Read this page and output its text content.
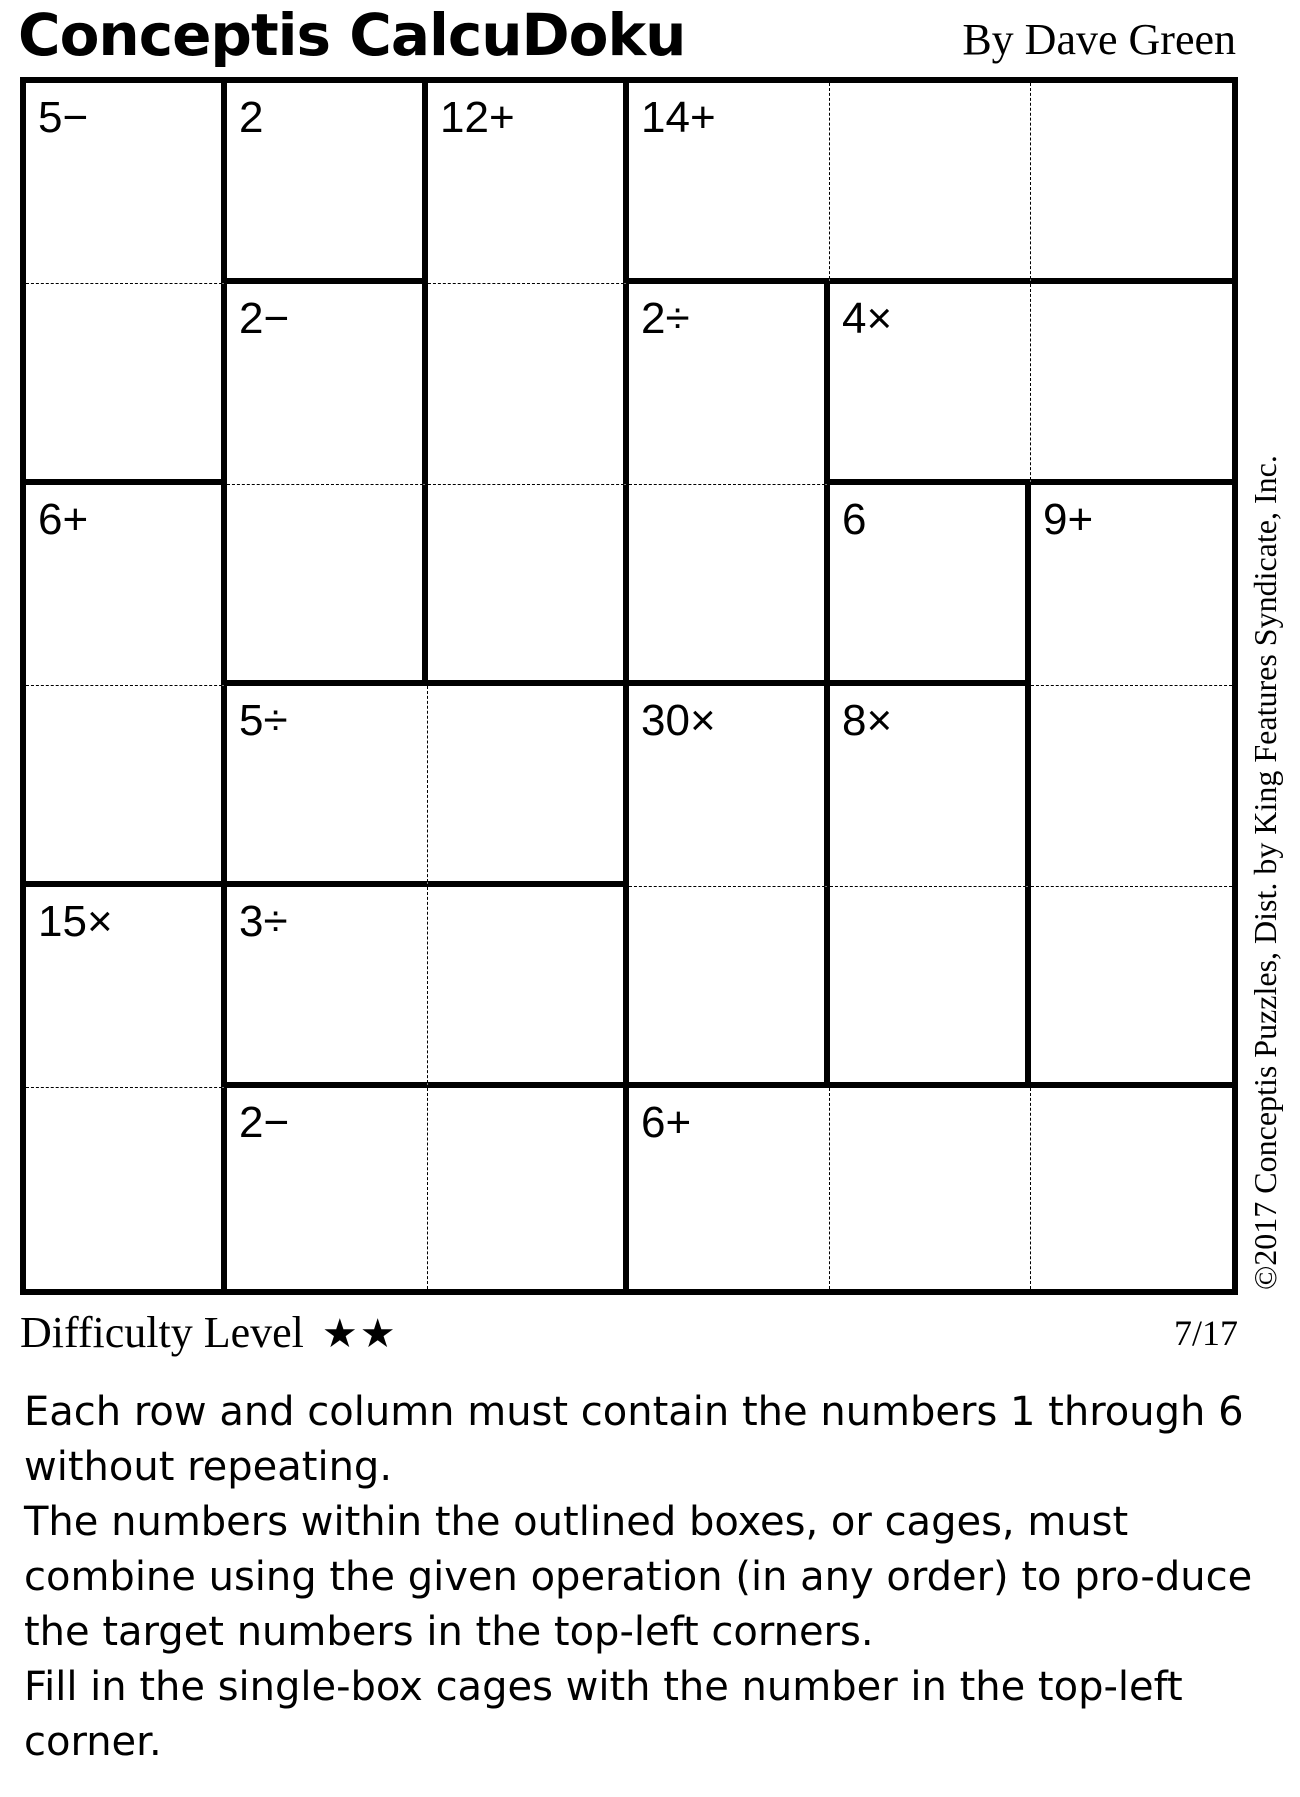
Conceptis CalcuDoku	By Dave Green
5−	2	12+	14+
2−	2÷	4×
6+	6	9+
5÷	30×	8×
15×	3÷
2−	6+	©2017 Conceptis Puzzles, Dist. by King Features Syndicate, Inc.
Difficulty Level ★★	7/17

Each row and column must contain the numbers 1 through 6 without repeating.

The numbers within the outlined boxes, or cages, must combine using the given operation (in any order) to pro-duce the target numbers in the top-left corners.

Fill in the single-box cages with the number in the top-left corner.
